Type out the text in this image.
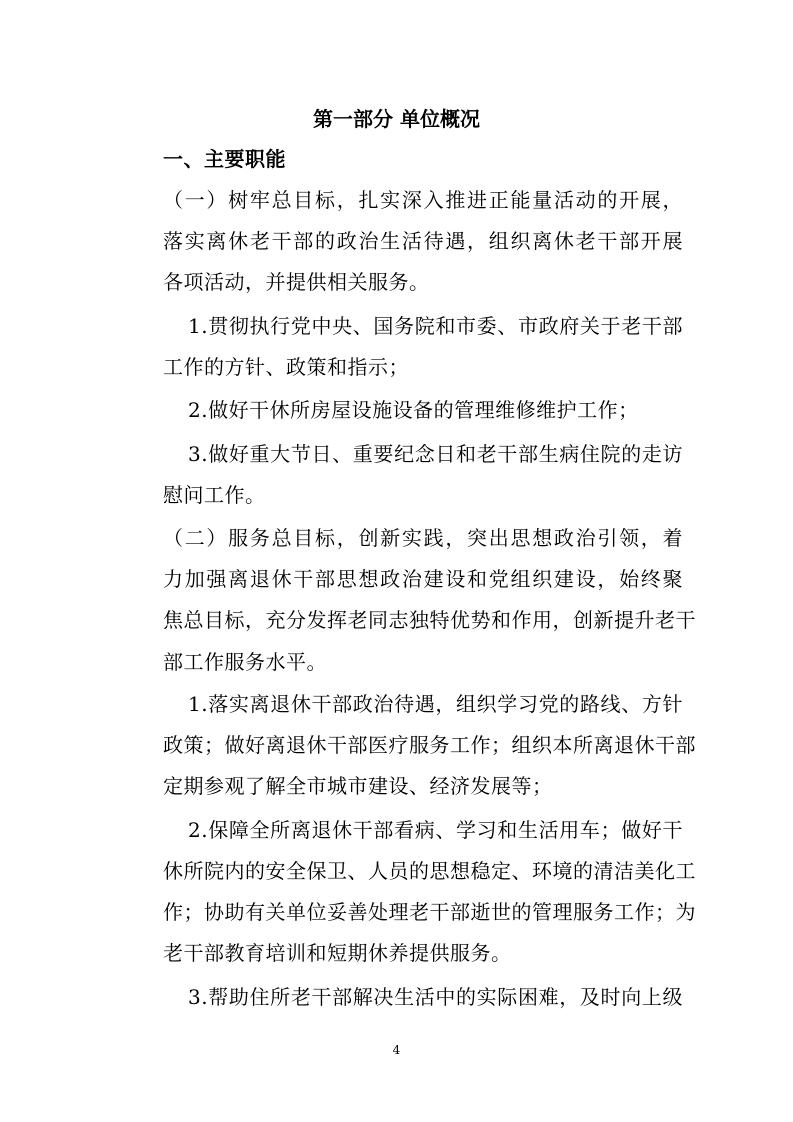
第一部分 单位概况
一、主要职能
（一）树牢总目标，扎实深入推进正能量活动的开展，
落实离休老干部的政治生活待遇，组织离休老干部开展
各项活动，并提供相关服务。
1.贯彻执行党中央、国务院和市委、市政府关于老干部
工作的方针、政策和指示；
2.做好干休所房屋设施设备的管理维修维护工作；
3.做好重大节日、重要纪念日和老干部生病住院的走访
慰问工作。
（二）服务总目标，创新实践，突出思想政治引领，着
力加强离退休干部思想政治建设和党组织建设，始终聚
焦总目标，充分发挥老同志独特优势和作用，创新提升老干
部工作服务水平。
1.落实离退休干部政治待遇，组织学习党的路线、方针
政策；做好离退休干部医疗服务工作；组织本所离退休干部
定期参观了解全市城市建设、经济发展等；
2.保障全所离退休干部看病、学习和生活用车；做好干
休所院内的安全保卫、人员的思想稳定、环境的清洁美化工
作；协助有关单位妥善处理老干部逝世的管理服务工作；为
老干部教育培训和短期休养提供服务。
3.帮助住所老干部解决生活中的实际困难，及时向上级
4
